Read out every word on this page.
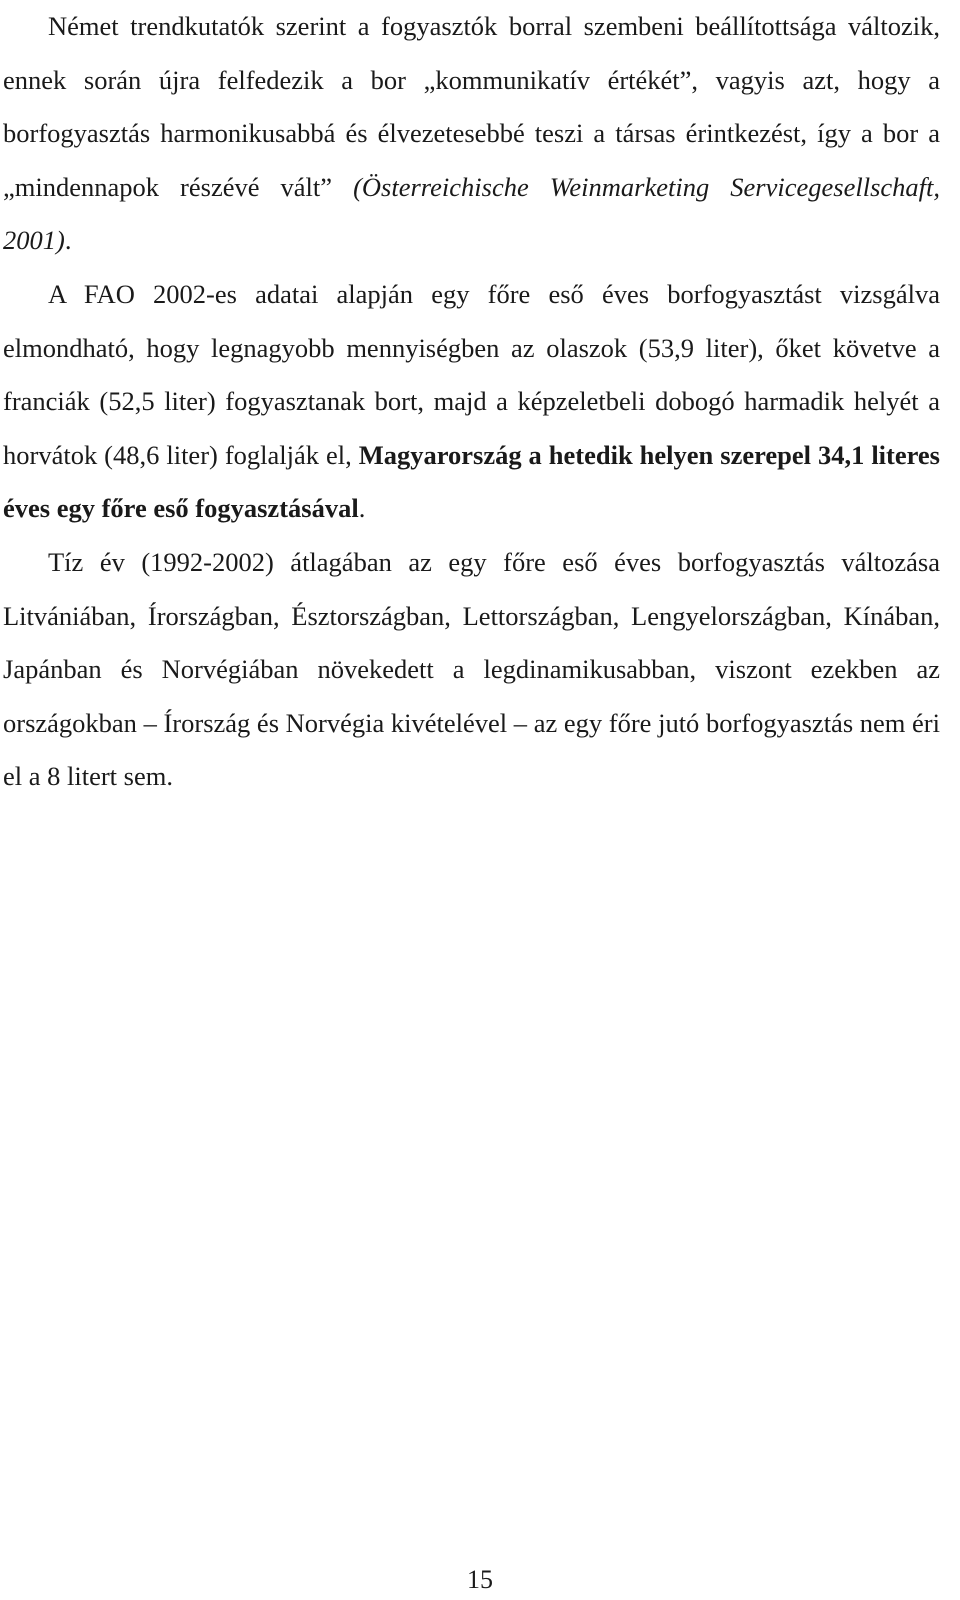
Német trendkutatók szerint a fogyasztók borral szembeni beállítottsága változik, ennek során újra felfedezik a bor „kommunikatív értékét”, vagyis azt, hogy a borfogyasztás harmonikusabbá és élvezetesebbé teszi a társas érintkezést, így a bor a „mindennapok részévé vált” (Österreichische Weinmarketing Servicegesellschaft, 2001).

A FAO 2002-es adatai alapján egy főre eső éves borfogyasztást vizsgálva elmondható, hogy legnagyobb mennyiségben az olaszok (53,9 liter), őket követve a franciák (52,5 liter) fogyasztanak bort, majd a képzeletbeli dobogó harmadik helyét a horvátok (48,6 liter) foglalják el, Magyarország a hetedik helyen szerepel 34,1 literes éves egy főre eső fogyasztásával.

Tíz év (1992-2002) átlagában az egy főre eső éves borfogyasztás változása Litvániában, Írországban, Észtországban, Lettországban, Lengyelországban, Kínában, Japánban és Norvégiában növekedett a legdinamikusabban, viszont ezekben az országokban – Írország és Norvégia kivételével – az egy főre jutó borfogyasztás nem éri el a 8 litert sem.

15
